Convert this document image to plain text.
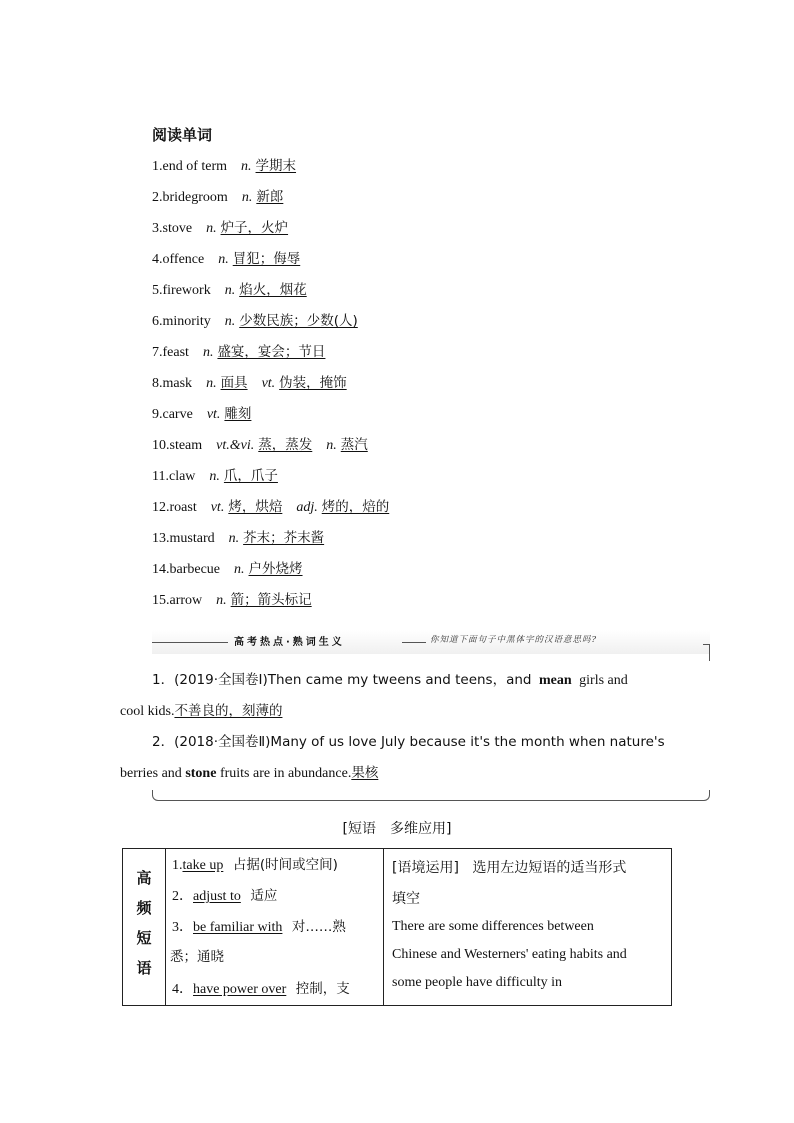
阅读单词
1.end of term n. 学期末
2.bridegroom n. 新郎
3.stove n. 炉子，火炉
4.offence n. 冒犯；侮辱
5.firework n. 焰火，烟花
6.minority n. 少数民族；少数(人)
7.feast n. 盛宴，宴会；节日
8.mask n. 面具 vt. 伪装，掩饰
9.carve vt. 雕刻
10.steam vt.&vi. 蒸，蒸发 n. 蒸汽
11.claw n. 爪，爪子
12.roast vt. 烤，烘焙 adj. 烤的，焙的
13.mustard n. 芥末；芥末酱
14.barbecue n. 户外烧烤
15.arrow n. 箭；箭头标记
高考热点·熟词生义	你知道下面句子中黑体字的汉语意思吗?
1．(2019·全国卷Ⅰ)Then came my tweens and teens，and mean girls and
cool kids.不善良的，刻薄的
2．(2018·全国卷Ⅱ)Many of us love July because it's the month when nature's
berries and stone fruits are in abundance.果核
[短语　多维应用]
高
频
短
语
1.take up 占据(时间或空间)
2．adjust to 适应
3．be familiar with 对……熟
悉；通晓
4．have power over 控制，支
[语境运用] 选用左边短语的适当形式
填空
There are some differences between
Chinese and Westerners' eating habits and
some people have difficulty in
